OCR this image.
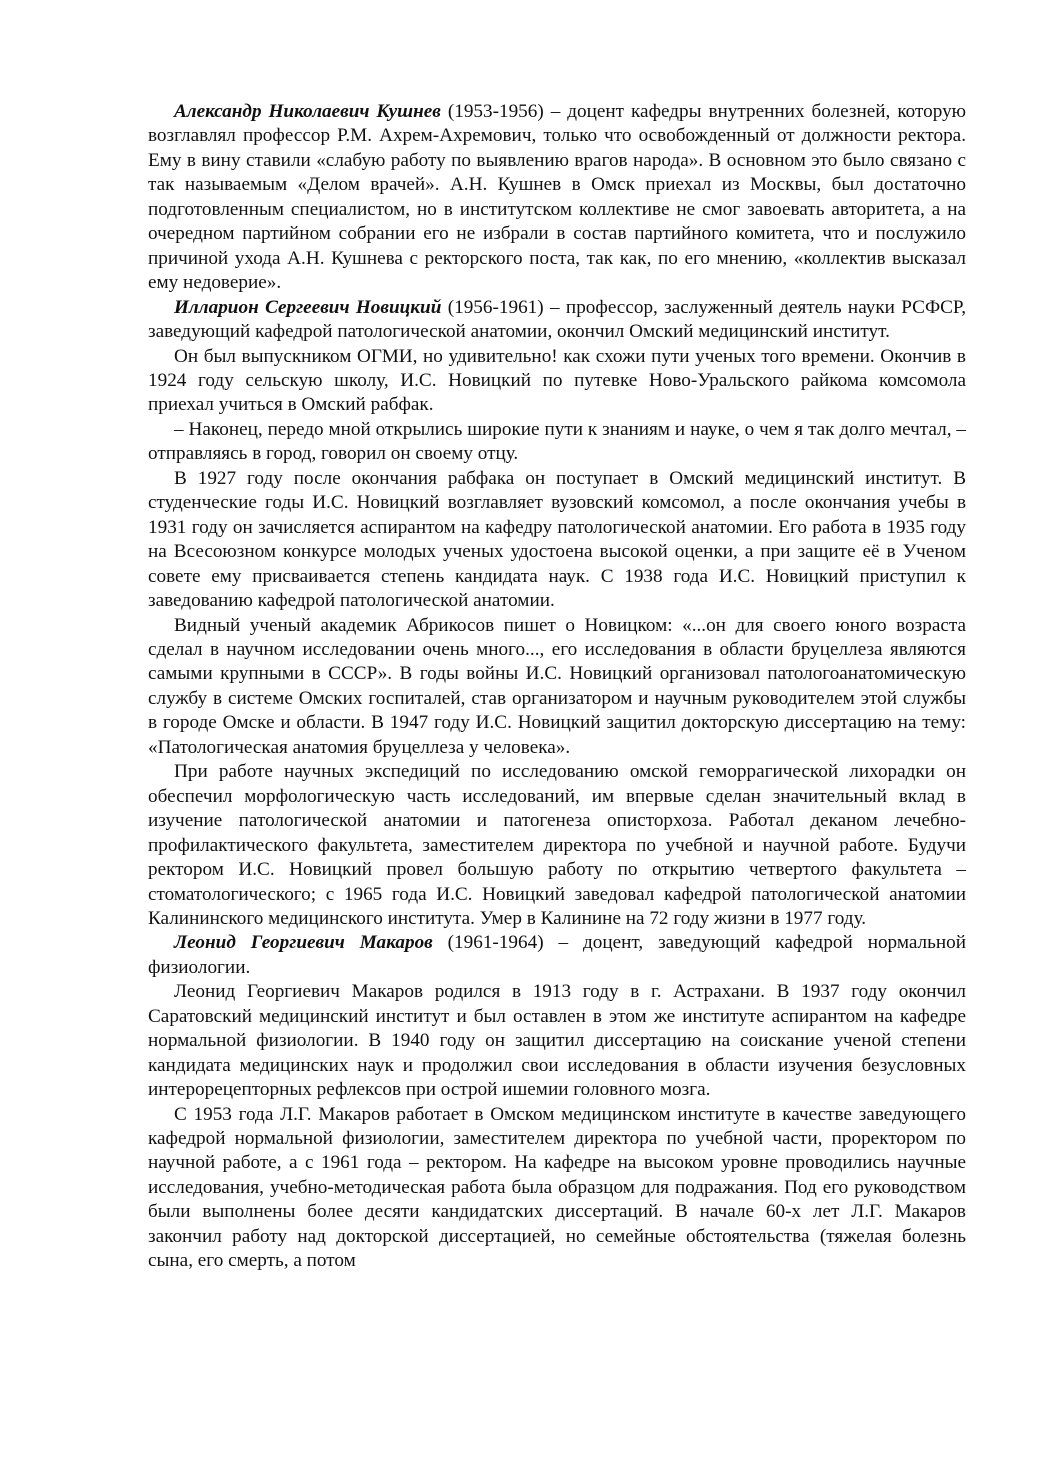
Александр Николаевич Кушнев (1953-1956) – доцент кафедры внутренних болезней, которую возглавлял профессор Р.М. Ахрем-Ахремович, только что освобожденный от должности ректора. Ему в вину ставили «слабую работу по выявлению врагов народа». В основном это было связано с так называемым «Делом врачей». А.Н. Кушнев в Омск приехал из Москвы, был достаточно подготовленным специалистом, но в институтском коллективе не смог завоевать авторитета, а на очередном партийном собрании его не избрали в состав партийного комитета, что и послужило причиной ухода А.Н. Кушнева с ректорского поста, так как, по его мнению, «коллектив высказал ему недоверие».

Илларион Сергеевич Новицкий (1956-1961) – профессор, заслуженный деятель науки РСФСР, заведующий кафедрой патологической анатомии, окончил Омский медицинский институт.

Он был выпускником ОГМИ, но удивительно! как схожи пути ученых того времени. Окончив в 1924 году сельскую школу, И.С. Новицкий по путевке Ново-Уральского райкома комсомола приехал учиться в Омский рабфак.

– Наконец, передо мной открылись широкие пути к знаниям и науке, о чем я так долго мечтал, – отправляясь в город, говорил он своему отцу.

В 1927 году после окончания рабфака он поступает в Омский медицинский институт. В студенческие годы И.С. Новицкий возглавляет вузовский комсомол, а после окончания учебы в 1931 году он зачисляется аспирантом на кафедру патологической анатомии. Его работа в 1935 году на Всесоюзном конкурсе молодых ученых удостоена высокой оценки, а при защите её в Ученом совете ему присваивается степень кандидата наук. С 1938 года И.С. Новицкий приступил к заведованию кафедрой патологической анатомии.

Видный ученый академик Абрикосов пишет о Новицком: «...он для своего юного возраста сделал в научном исследовании очень много..., его исследования в области бруцеллеза являются самыми крупными в СССР». В годы войны И.С. Новицкий организовал патологоанатомическую службу в системе Омских госпиталей, став организатором и научным руководителем этой службы в городе Омске и области. В 1947 году И.С. Новицкий защитил докторскую диссертацию на тему: «Патологическая анатомия бруцеллеза у человека».

При работе научных экспедиций по исследованию омской геморрагической лихорадки он обеспечил морфологическую часть исследований, им впервые сделан значительный вклад в изучение патологической анатомии и патогенеза описторхоза. Работал деканом лечебно-профилактического факультета, заместителем директора по учебной и научной работе. Будучи ректором И.С. Новицкий провел большую работу по открытию четвертого факультета – стоматологического; с 1965 года И.С. Новицкий заведовал кафедрой патологической анатомии Калининского медицинского института. Умер в Калинине на 72 году жизни в 1977 году.

Леонид Георгиевич Макаров (1961-1964) – доцент, заведующий кафедрой нормальной физиологии.

Леонид Георгиевич Макаров родился в 1913 году в г. Астрахани. В 1937 году окончил Саратовский медицинский институт и был оставлен в этом же институте аспирантом на кафедре нормальной физиологии. В 1940 году он защитил диссертацию на соискание ученой степени кандидата медицинских наук и продолжил свои исследования в области изучения безусловных интерорецепторных рефлексов при острой ишемии головного мозга.

С 1953 года Л.Г. Макаров работает в Омском медицинском институте в качестве заведующего кафедрой нормальной физиологии, заместителем директора по учебной части, проректором по научной работе, а с 1961 года – ректором. На кафедре на высоком уровне проводились научные исследования, учебно-методическая работа была образцом для подражания. Под его руководством были выполнены более десяти кандидатских диссертаций. В начале 60-х лет Л.Г. Макаров закончил работу над докторской диссертацией, но семейные обстоятельства (тяжелая болезнь сына, его смерть, а потом
